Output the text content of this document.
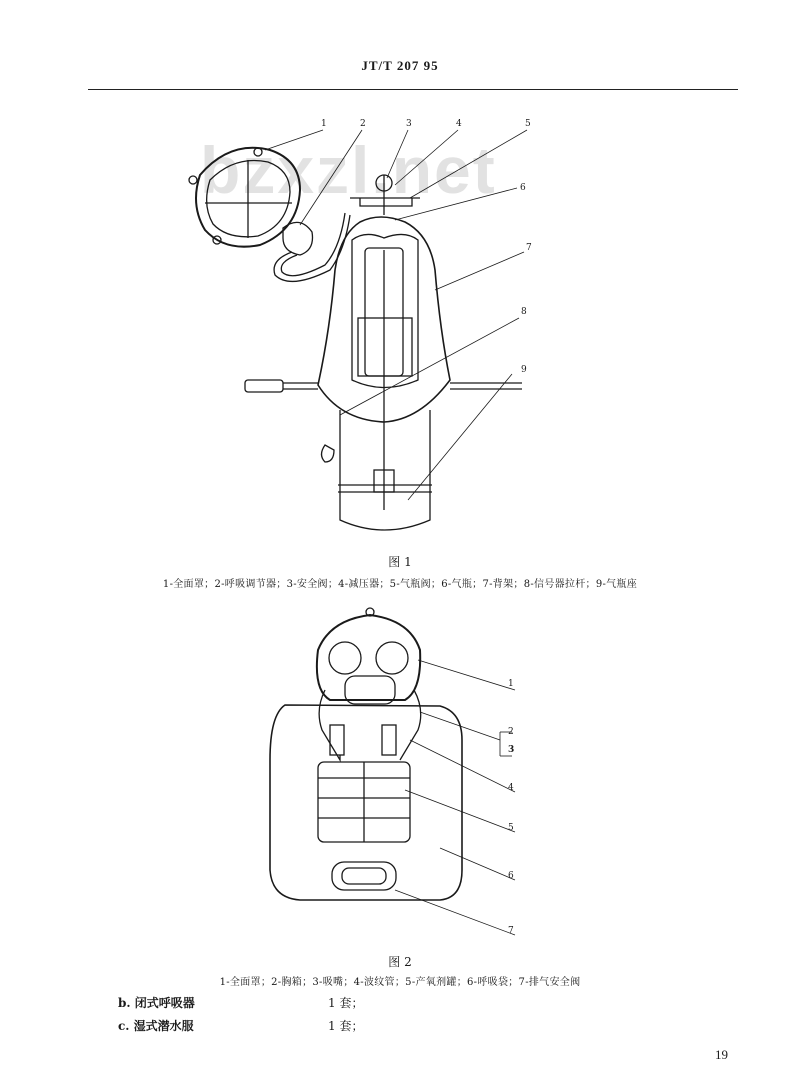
JT/T 207 95
bzxzl.net
1	2	3	4	5
6
7
8
9
图 1
1-全面罩；2-呼吸调节器；3-安全阀；4-减压器；5-气瓶阀；6-气瓶；7-背架；8-信号器拉杆；9-气瓶座
1
2
3
4
5
6
7
图 2
1-全面罩；2-胸箱；3-吸嘴；4-波纹管；5-产氧剂罐；6-呼吸袋；7-排气安全阀
b. 闭式呼吸器	1 套；
c. 湿式潜水服	1 套；
19
